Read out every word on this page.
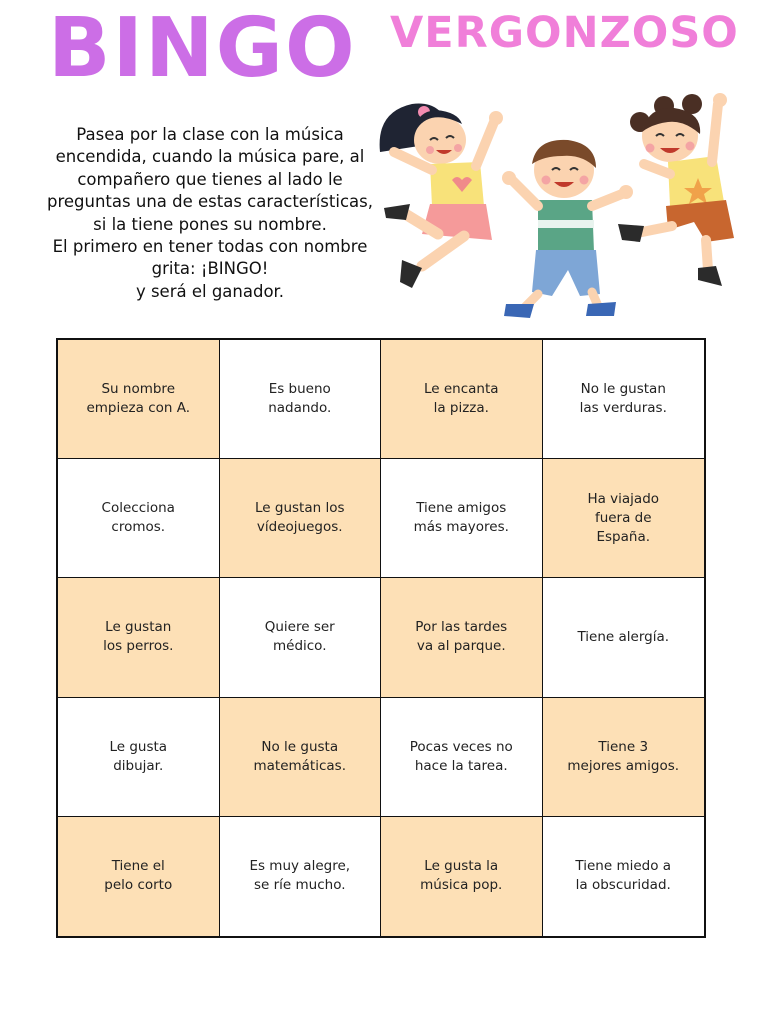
BINGO VERGONZOSO

Pasea por la clase con la música encendida, cuando la música pare, al compañero que tienes al lado le preguntas una de estas características, si la tiene pones su nombre.

El primero en tener todas con nombre grita: ¡BINGO!

y será el ganador.

Su nombre
empieza con A.
Es bueno
nadando.
Le encanta
la pizza.
No le gustan
las verduras.
Colecciona
cromos.
Le gustan los
vídeojuegos.
Tiene amigos
más mayores.
Ha viajado
fuera de
España.
Le gustan
los perros.
Quiere ser
médico.
Por las tardes
va al parque.
Tiene alergía.
Le gusta
dibujar.
No le gusta
matemáticas.
Pocas veces no
hace la tarea.
Tiene 3
mejores amigos.
Tiene el
pelo corto
Es muy alegre,
se ríe mucho.
Le gusta la
música pop.
Tiene miedo a
la obscuridad.
